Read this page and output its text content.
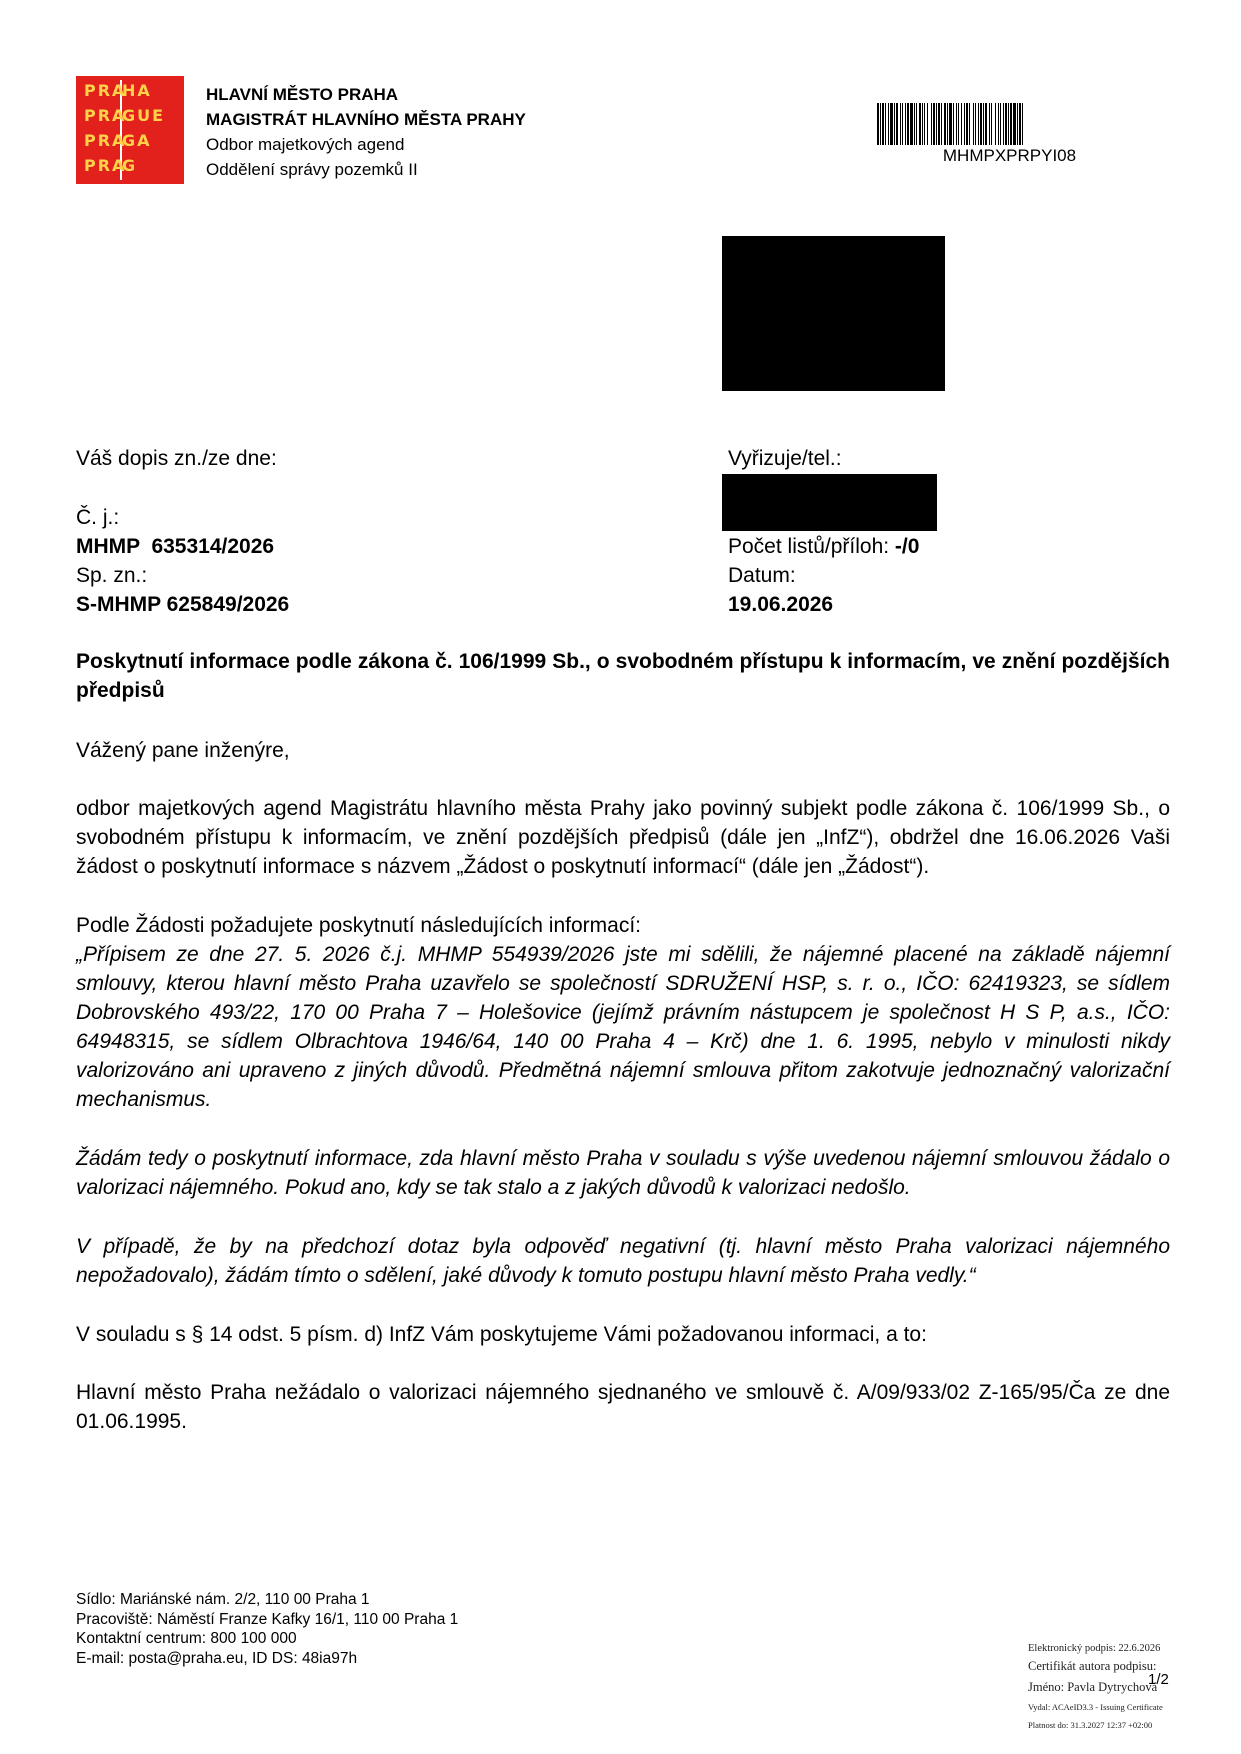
PRA
HA
PRA
GUE
PRA
GA
PRA
G
HLAVNÍ MĚSTO PRAHA
MAGISTRÁT HLAVNÍHO MĚSTA PRAHY
Odbor majetkových agend
Oddělení správy pozemků II
MHMPXPRPYI08
Váš dopis zn./ze dne:
Č. j.:
MHMP  635314/2026
Sp. zn.:
S-MHMP 625849/2026
Vyřizuje/tel.:
Počet listů/příloh: -/0
Datum:
19.06.2026
Poskytnutí informace podle zákona č. 106/1999 Sb., o svobodném přístupu k informacím, ve znění pozdějších předpisů
Vážený pane inženýre,
odbor majetkových agend Magistrátu hlavního města Prahy jako povinný subjekt podle zákona č. 106/1999 Sb., o svobodném přístupu k informacím, ve znění pozdějších předpisů (dále jen „InfZ“), obdržel dne 16.06.2026 Vaši žádost o poskytnutí informace s názvem „Žádost o poskytnutí informací“ (dále jen „Žádost“).
Podle Žádosti požadujete poskytnutí následujících informací:
„Přípisem ze dne 27. 5. 2026 č.j. MHMP 554939/2026 jste mi sdělili, že nájemné placené na základě nájemní smlouvy, kterou hlavní město Praha uzavřelo se společností SDRUŽENÍ HSP, s. r. o., IČO: 62419323, se sídlem Dobrovského 493/22, 170 00 Praha 7 – Holešovice (jejímž právním nástupcem je společnost H S P, a.s., IČO: 64948315, se sídlem Olbrachtova 1946/64, 140 00 Praha 4 – Krč) dne 1. 6. 1995, nebylo v minulosti nikdy valorizováno ani upraveno z jiných důvodů. Předmětná nájemní smlouva přitom zakotvuje jednoznačný valorizační mechanismus.
Žádám tedy o poskytnutí informace, zda hlavní město Praha v souladu s výše uvedenou nájemní smlouvou žádalo o valorizaci nájemného. Pokud ano, kdy se tak stalo a z jakých důvodů k valorizaci nedošlo.
V případě, že by na předchozí dotaz byla odpověď negativní (tj. hlavní město Praha valorizaci nájemného nepožadovalo), žádám tímto o sdělení, jaké důvody k tomuto postupu hlavní město Praha vedly.“
V souladu s § 14 odst. 5 písm. d) InfZ Vám poskytujeme Vámi požadovanou informaci, a to:
Hlavní město Praha nežádalo o valorizaci nájemného sjednaného ve smlouvě č. A/09/933/02 Z-165/95/Ča ze dne 01.06.1995.
Sídlo: Mariánské nám. 2/2, 110 00 Praha 1
Pracoviště: Náměstí Franze Kafky 16/1, 110 00 Praha 1
Kontaktní centrum: 800 100 000
E-mail: posta@praha.eu, ID DS: 48ia97h
Elektronický podpis: 22.6.2026
Certifikát autora podpisu:
Jméno: Pavla Dytrychová
Vydal: ACAeID3.3 - Issuing Certificate
Platnost do: 31.3.2027 12:37 +02:00
1/2
